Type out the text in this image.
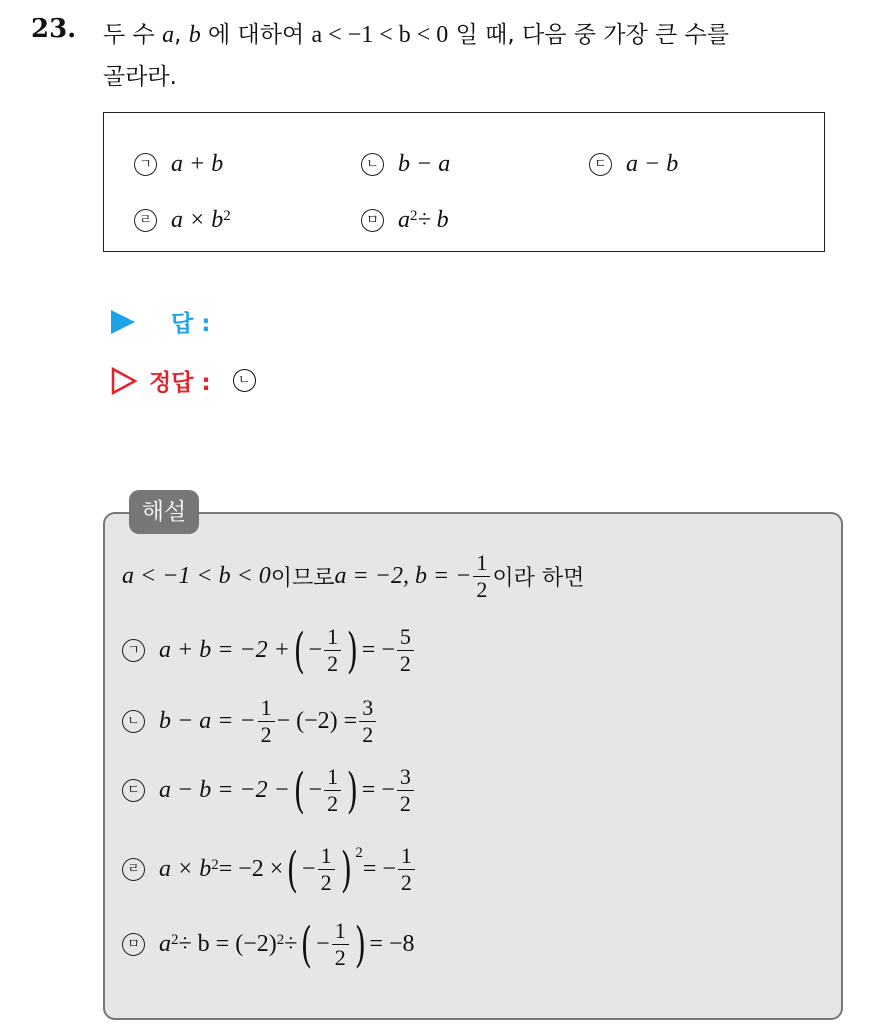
23. 두 수 a, b 에 대하여 a < −1 < b < 0 일 때, 다음 중 가장 큰 수를
골라라.
ㄱ a + b	ㄴ b − a	ㄷ a − b
ㄹ a × b 2	ㅁ a 2 ÷ b
답 :
정답 :	ㄴ
해설
a < −1 < b < 0 이므로 a = −2, b = − $\frac{1}{2}$ 이라 하면
ㄱ a + b = −2 + ( − $\frac{1}{2}$ ) = − $\frac{5}{2}$
ㄴ b − a = − $\frac{1}{2} - (-2) = \frac{3}{2}$
ㄷ a − b = −2 − ( − $\frac{1}{2}$ ) = − $\frac{3}{2}$
ㄹ a × b 2 = −2 × ( − $\frac{1}{2}$ ) 2
= − $\frac{1}{2}$
ㅁ a 2 ÷ b = (−2) 2 ÷ ( − $\frac{1}{2}$ ) = −8
